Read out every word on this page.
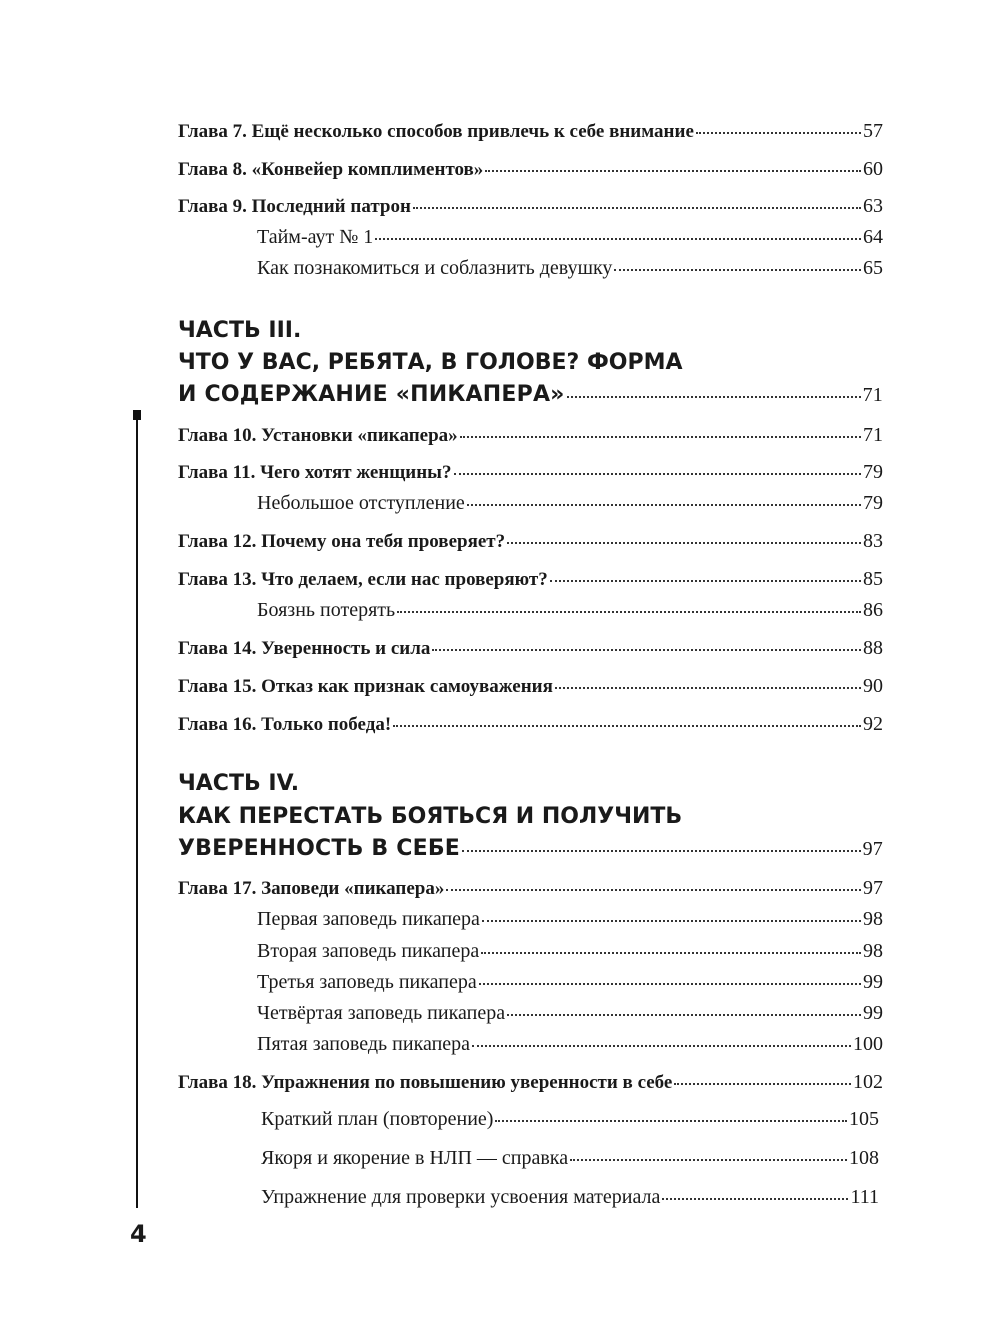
Глава 7. Ещё несколько способов привлечь к себе внимание	57
Глава 8. «Конвейер комплиментов»	60
Глава 9. Последний патрон	63
Тайм-аут № 1	64
Как познакомиться и соблазнить девушку	65
ЧАСТЬ III.
ЧТО У ВАС, РЕБЯТА, В ГОЛОВЕ? ФОРМА
И СОДЕРЖАНИЕ «ПИКАПЕРА»	71
Глава 10. Установки «пикапера»	71
Глава 11. Чего хотят женщины?	79
Небольшое отступление	79
Глава 12. Почему она тебя проверяет?	83
Глава 13. Что делаем, если нас проверяют?	85
Боязнь потерять	86
Глава 14. Уверенность и сила	88
Глава 15. Отказ как признак самоуважения	90
Глава 16. Только победа!	92
ЧАСТЬ IV.
КАК ПЕРЕСТАТЬ БОЯТЬСЯ И ПОЛУЧИТЬ
УВЕРЕННОСТЬ В СЕБЕ	97
Глава 17. Заповеди «пикапера»	97
Первая заповедь пикапера	98
Вторая заповедь пикапера	98
Третья заповедь пикапера	99
Четвёртая заповедь пикапера	99
Пятая заповедь пикапера	100
Глава 18. Упражнения по повышению уверенности в себе	102
Краткий план (повторение)	105
Якоря и якорение в НЛП — справка	108
Упражнение для проверки усвоения материала	111
4
